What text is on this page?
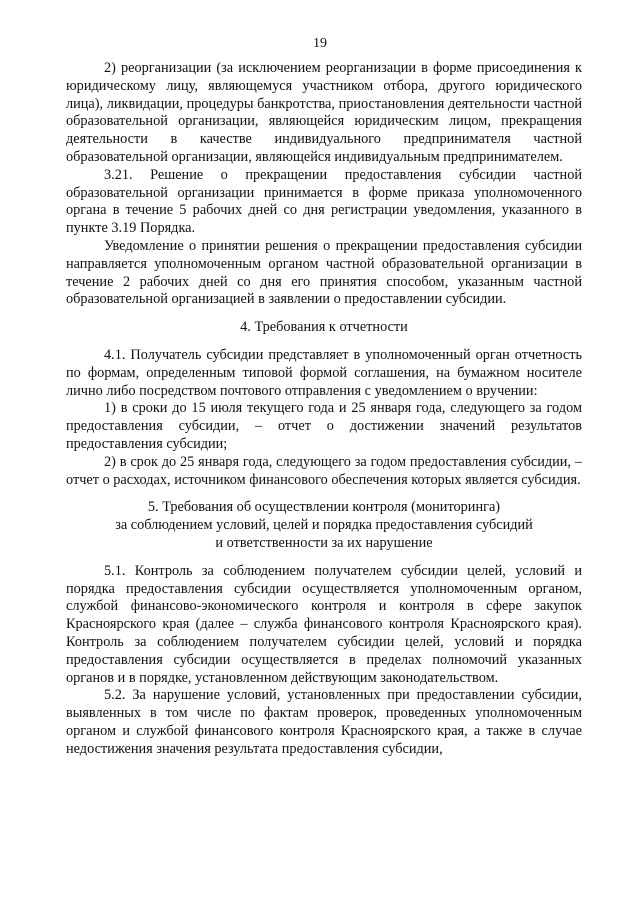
19

2) реорганизации (за исключением реорганизации в форме присоединения к юридическому лицу, являющемуся участником отбора, другого юридического лица), ликвидации, процедуры банкротства, приостановления деятельности частной образовательной организации, являющейся юридическим лицом, прекращения деятельности в качестве индивидуального предпринимателя частной образовательной организации, являющейся индивидуальным предпринимателем.

3.21. Решение о прекращении предоставления субсидии частной образовательной организации принимается в форме приказа уполномоченного органа в течение 5 рабочих дней со дня регистрации уведомления, указанного в пункте 3.19 Порядка.

Уведомление о принятии решения о прекращении предоставления субсидии направляется уполномоченным органом частной образовательной организации в течение 2 рабочих дней со дня его принятия способом, указанным частной образовательной организацией в заявлении о предоставлении субсидии.

4. Требования к отчетности

4.1. Получатель субсидии представляет в уполномоченный орган отчетность по формам, определенным типовой формой соглашения, на бумажном носителе лично либо посредством почтового отправления с уведомлением о вручении:

1) в сроки до 15 июля текущего года и 25 января года, следующего за годом предоставления субсидии, – отчет о достижении значений результатов предоставления субсидии;

2) в срок до 25 января года, следующего за годом предоставления субсидии, – отчет о расходах, источником финансового обеспечения которых является субсидия.

5. Требования об осуществлении контроля (мониторинга)
за соблюдением условий, целей и порядка предоставления субсидий
и ответственности за их нарушение

5.1. Контроль за соблюдением получателем субсидии целей, условий и порядка предоставления субсидии осуществляется уполномоченным органом, службой финансово-экономического контроля и контроля в сфере закупок Красноярского края (далее – служба финансового контроля Красноярского края). Контроль за соблюдением получателем субсидии целей, условий и порядка предоставления субсидии осуществляется в пределах полномочий указанных органов и в порядке, установленном действующим законодательством.

5.2. За нарушение условий, установленных при предоставлении субсидии, выявленных в том числе по фактам проверок, проведенных уполномоченным органом и службой финансового контроля Красноярского края, а также в случае недостижения значения результата предоставления субсидии,
